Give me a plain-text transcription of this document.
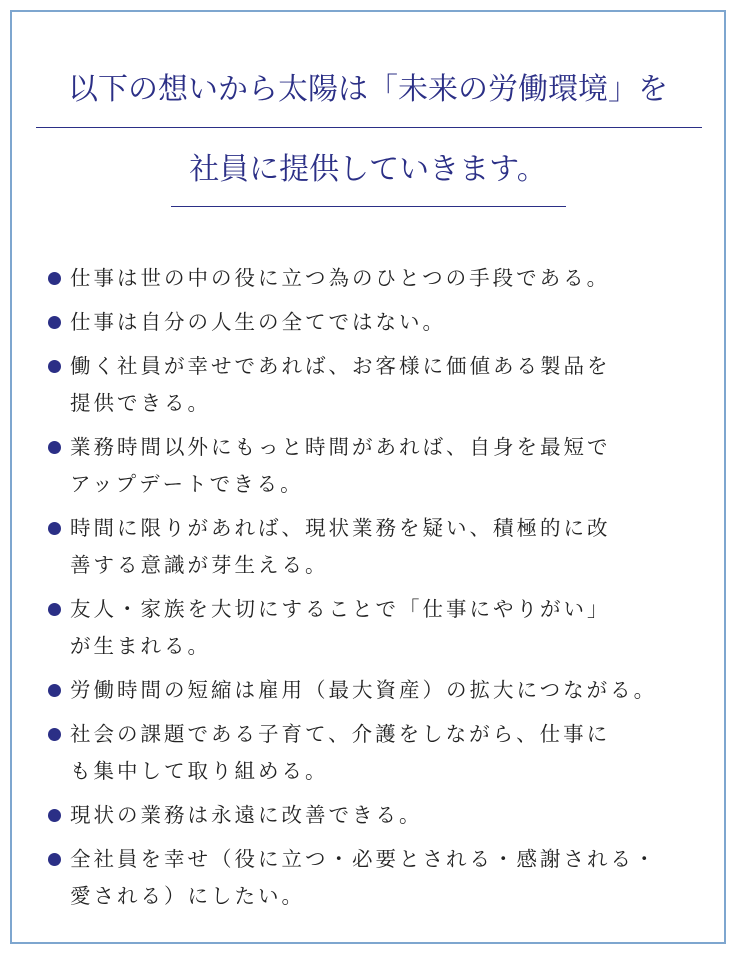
以下の想いから太陽は「未来の労働環境」を
社員に提供していきます。
仕事は世の中の役に立つ為のひとつの手段である。
仕事は自分の人生の全てではない。
働く社員が幸せであれば、お客様に価値ある製品を
提供できる。
業務時間以外にもっと時間があれば、自身を最短で
アップデートできる。
時間に限りがあれば、現状業務を疑い、積極的に改
善する意識が芽生える。
友人・家族を大切にすることで「仕事にやりがい」
が生まれる。
労働時間の短縮は雇用（最大資産）の拡大につながる。
社会の課題である子育て、介護をしながら、仕事に
も集中して取り組める。
現状の業務は永遠に改善できる。
全社員を幸せ（役に立つ・必要とされる・感謝される・
愛される）にしたい。
